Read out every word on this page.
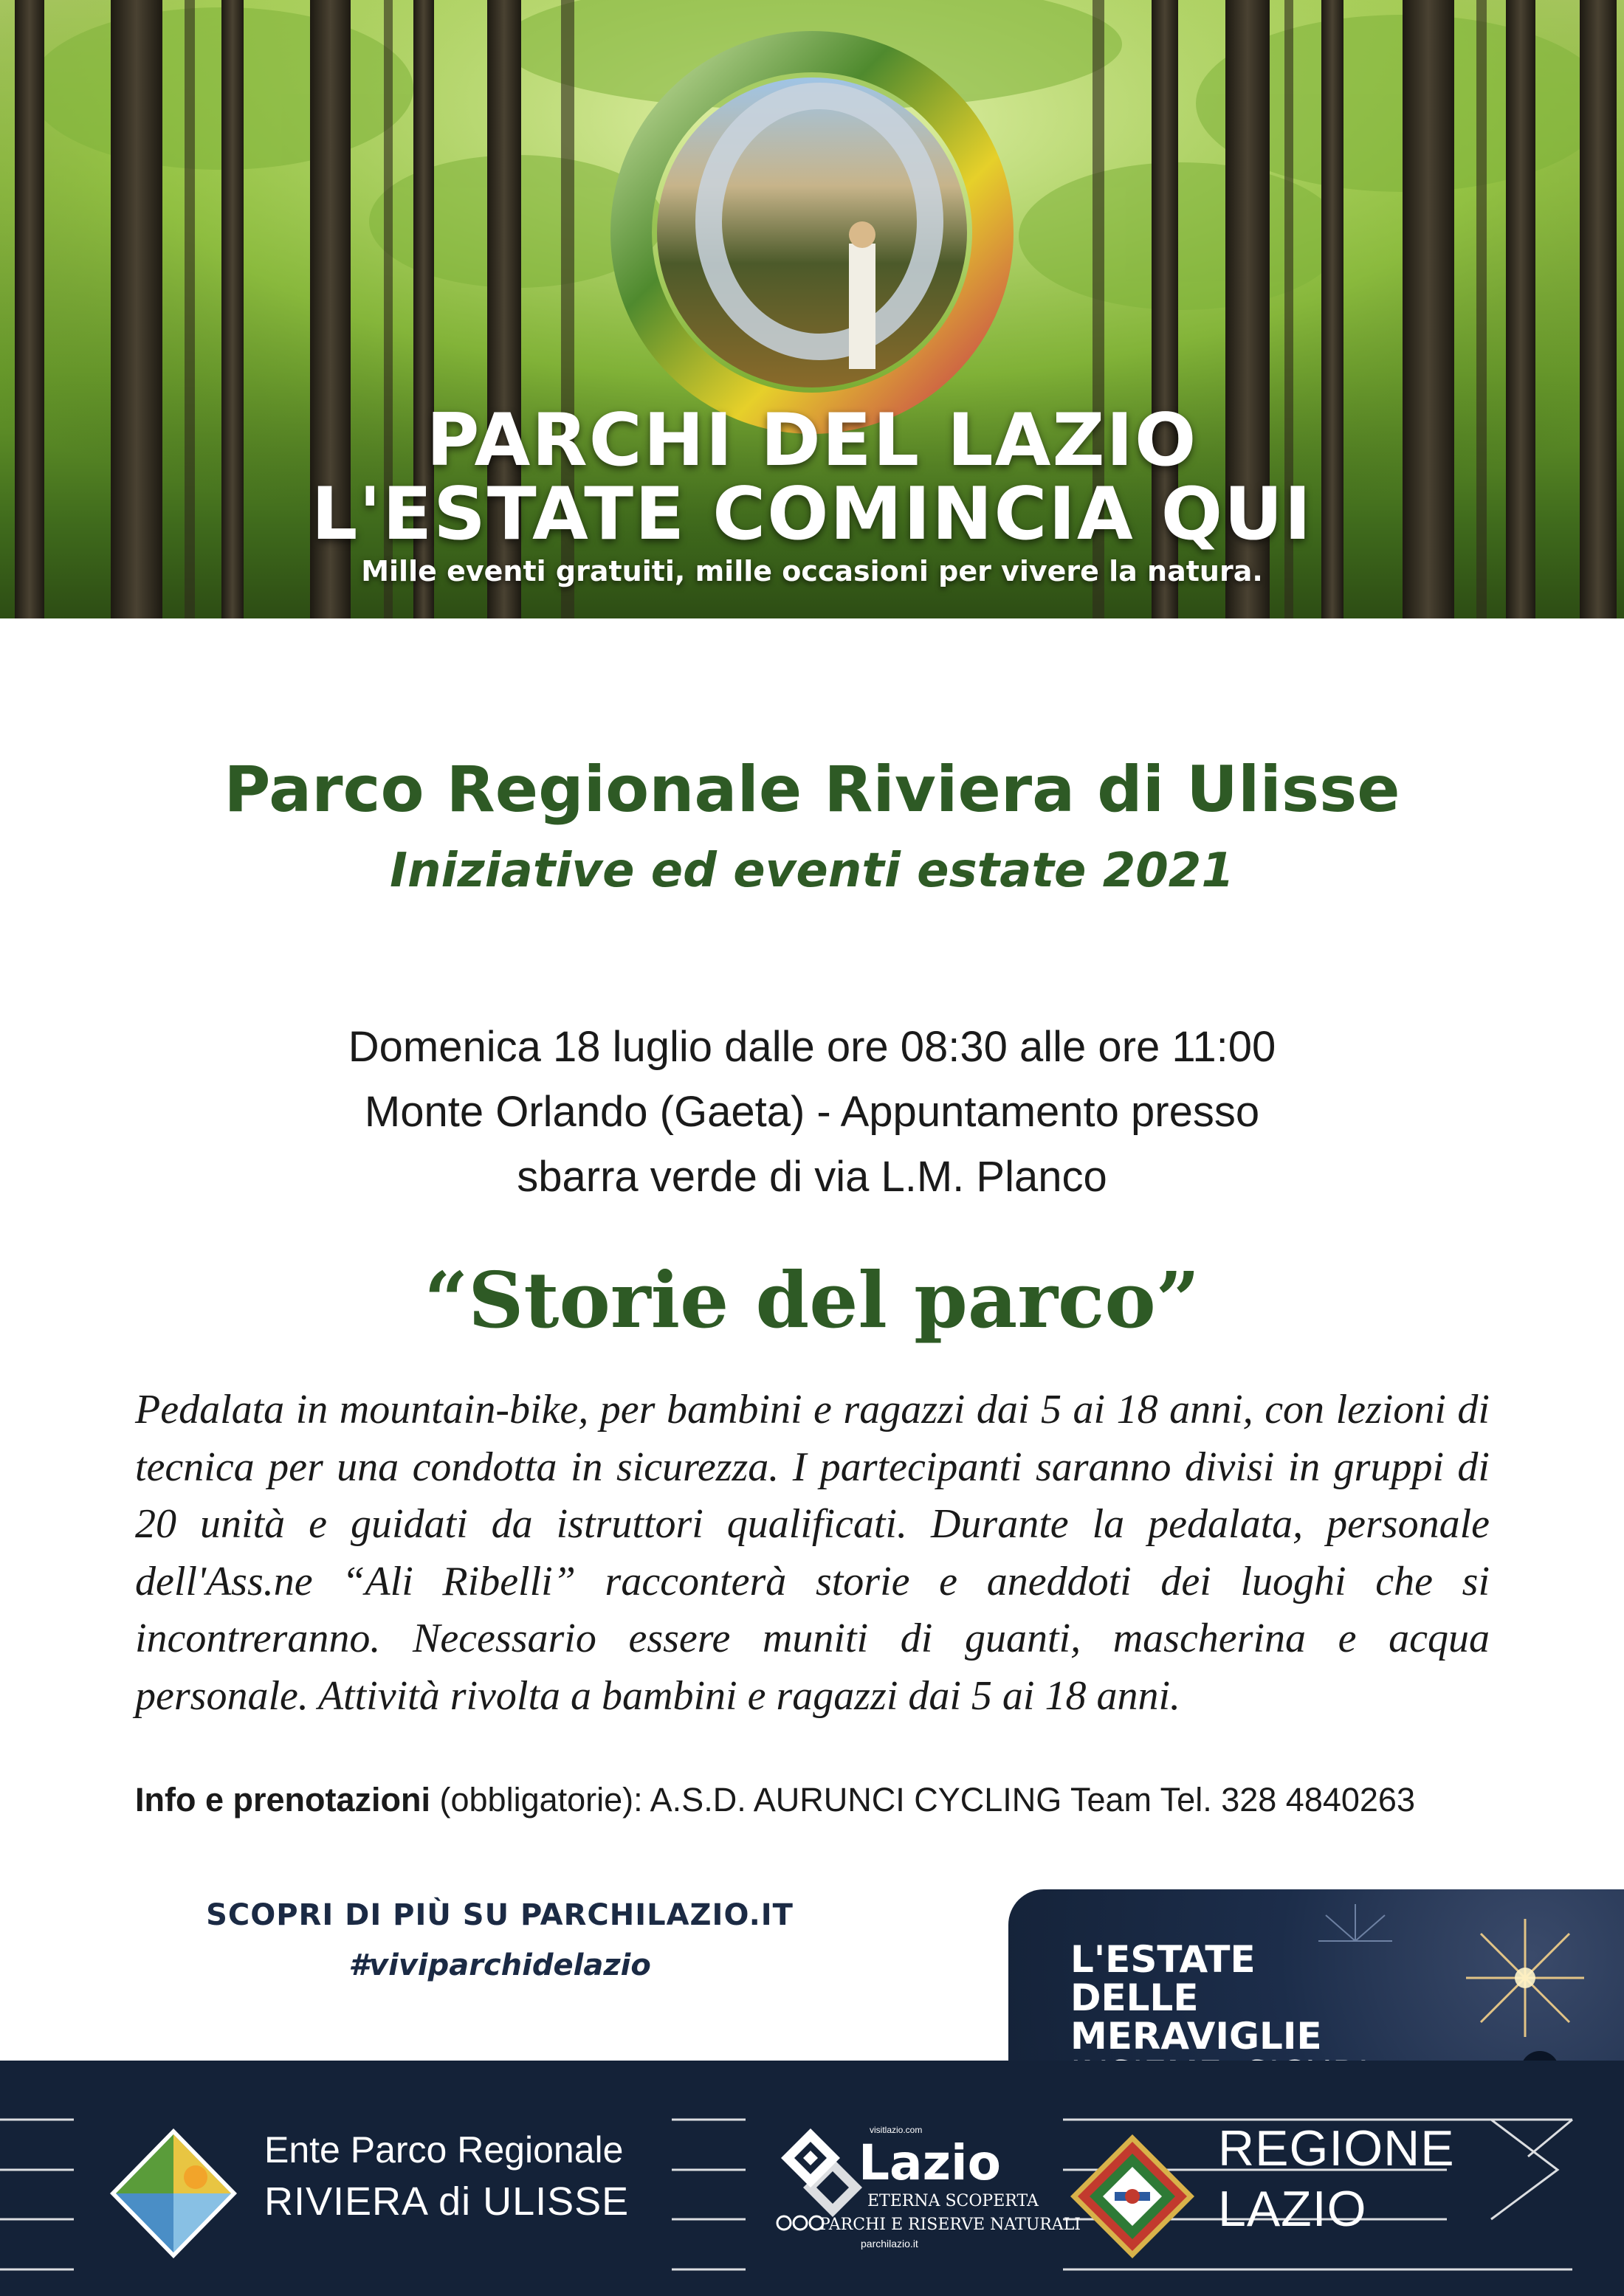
PARCHI DEL LAZIO
L'ESTATE COMINCIA QUI
Mille eventi gratuiti, mille occasioni per vivere la natura.
Parco Regionale Riviera di Ulisse
Iniziative ed eventi estate 2021
Domenica 18 luglio dalle ore 08:30 alle ore 11:00
Monte Orlando (Gaeta) - Appuntamento presso
sbarra verde di via L.M. Planco
“Storie del parco”
Pedalata in mountain-bike, per bambini e ragazzi dai 5 ai 18 anni, con lezioni di tecnica per una condotta in sicurezza. I partecipanti saranno divisi in gruppi di 20 unità e guidati da istruttori qualificati. Durante la pedalata, personale dell'Ass.ne “Ali Ribelli” racconterà storie e aneddoti dei luoghi che si incontreranno. Necessario essere muniti di guanti, mascherina e acqua personale. Attività rivolta a bambini e ragazzi dai 5 ai 18 anni.
Info e prenotazioni (obbligatorie): A.S.D. AURUNCI CYCLING Team Tel. 328 4840263
SCOPRI DI PIÙ SU PARCHILAZIO.IT
#viviparchidelazio	L'ESTATE
DELLE
MERAVIGLIE
Ente Parco Regionale
RIVIERA di ULISSE
visitlazio.com
Lazio
ETERNA SCOPERTA
PARCHI E RISERVE NATURALI
parchilazio.it
REGIONE
LAZIO
